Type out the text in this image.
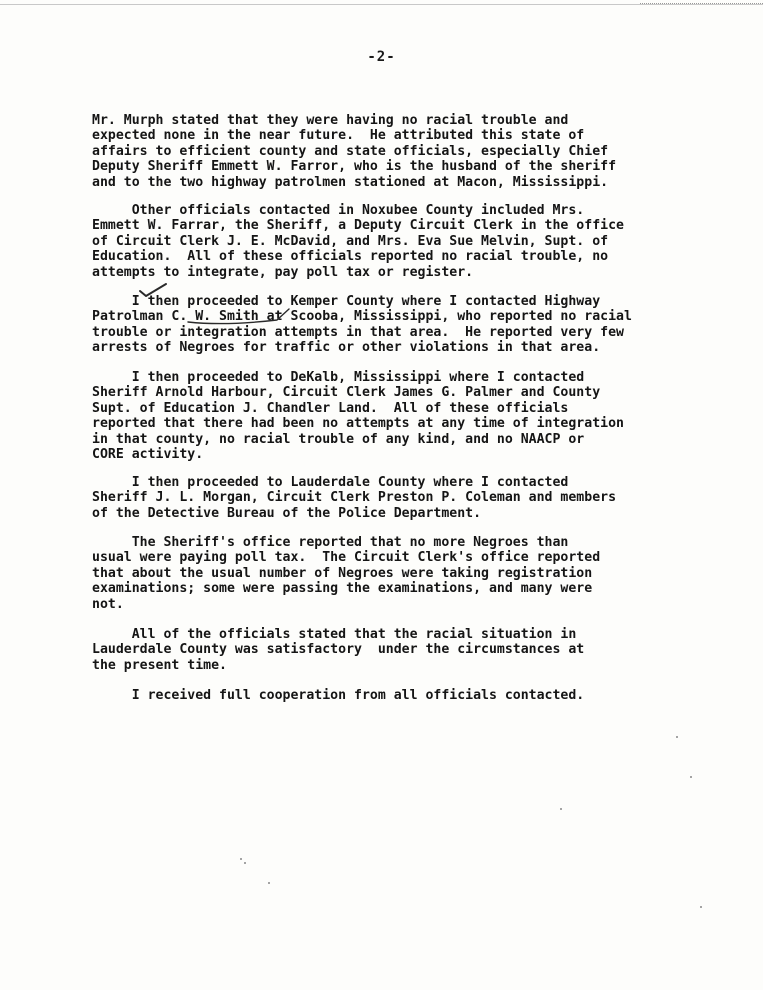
-2-

Mr. Murph stated that they were having no racial trouble and
expected none in the near future.  He attributed this state of
affairs to efficient county and state officials, especially Chief
Deputy Sheriff Emmett W. Farror, who is the husband of the sheriff
and to the two highway patrolmen stationed at Macon, Mississippi.

Other officials contacted in Noxubee County included Mrs.
Emmett W. Farrar, the Sheriff, a Deputy Circuit Clerk in the office
of Circuit Clerk J. E. McDavid, and Mrs. Eva Sue Melvin, Supt. of
Education.  All of these officials reported no racial trouble, no
attempts to integrate, pay poll tax or register.

I then proceeded to Kemper County where I contacted Highway
Patrolman C. W. Smith at Scooba, Mississippi, who reported no racial
trouble or integration attempts in that area.  He reported very few
arrests of Negroes for traffic or other violations in that area.

I then proceeded to DeKalb, Mississippi where I contacted
Sheriff Arnold Harbour, Circuit Clerk James G. Palmer and County
Supt. of Education J. Chandler Land.  All of these officials
reported that there had been no attempts at any time of integration
in that county, no racial trouble of any kind, and no NAACP or
CORE activity.

I then proceeded to Lauderdale County where I contacted
Sheriff J. L. Morgan, Circuit Clerk Preston P. Coleman and members
of the Detective Bureau of the Police Department.

The Sheriff's office reported that no more Negroes than
usual were paying poll tax.  The Circuit Clerk's office reported
that about the usual number of Negroes were taking registration
examinations; some were passing the examinations, and many were
not.

All of the officials stated that the racial situation in
Lauderdale County was satisfactory  under the circumstances at
the present time.

I received full cooperation from all officials contacted.
